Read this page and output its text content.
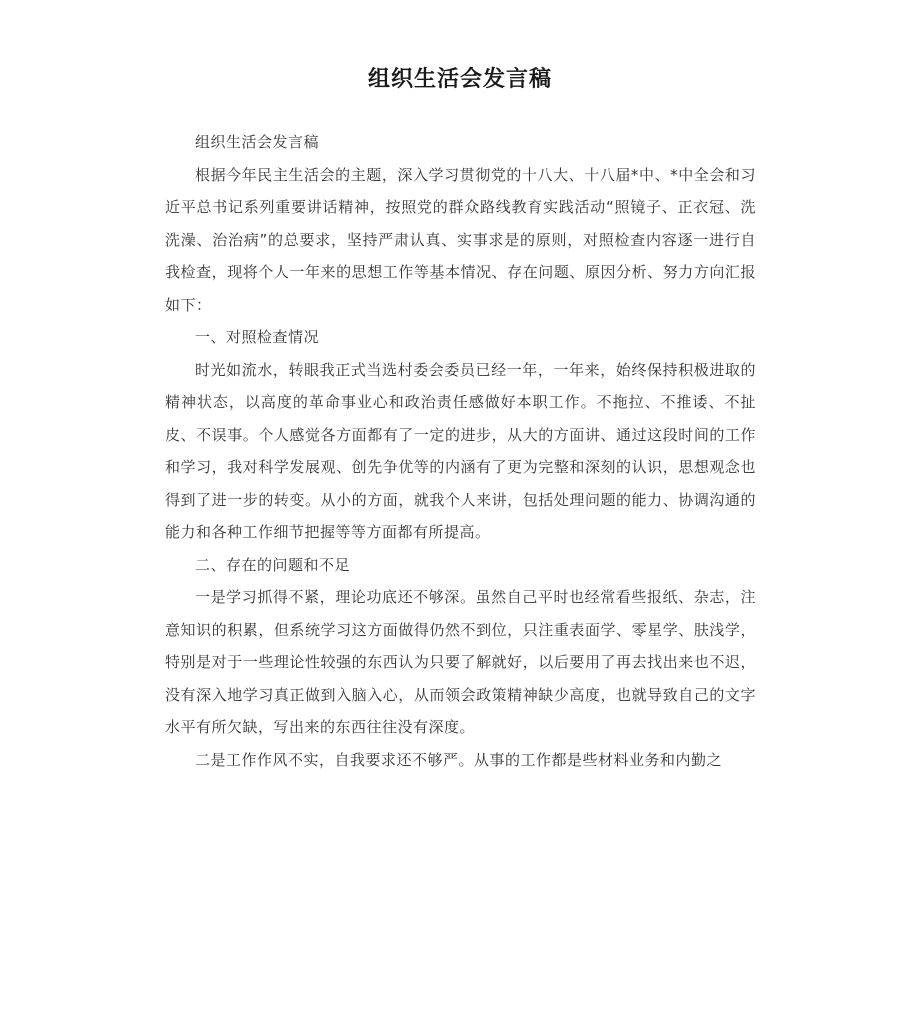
组织生活会发言稿

组织生活会发言稿

根据今年民主生活会的主题，深入学习贯彻党的十八大、十八届*中、*中全会和习近平总书记系列重要讲话精神，按照党的群众路线教育实践活动“照镜子、正衣冠、洗洗澡、治治病”的总要求，坚持严肃认真、实事求是的原则，对照检查内容逐一进行自我检查，现将个人一年来的思想工作等基本情况、存在问题、原因分析、努力方向汇报如下：

一、对照检查情况

时光如流水，转眼我正式当选村委会委员已经一年，一年来，始终保持积极进取的精神状态，以高度的革命事业心和政治责任感做好本职工作。不拖拉、不推诿、不扯皮、不误事。个人感觉各方面都有了一定的进步，从大的方面讲、通过这段时间的工作和学习，我对科学发展观、创先争优等的内涵有了更为完整和深刻的认识，思想观念也得到了进一步的转变。从小的方面，就我个人来讲，包括处理问题的能力、协调沟通的能力和各种工作细节把握等等方面都有所提高。

二、存在的问题和不足

一是学习抓得不紧，理论功底还不够深。虽然自己平时也经常看些报纸、杂志，注意知识的积累，但系统学习这方面做得仍然不到位，只注重表面学、零星学、肤浅学，特别是对于一些理论性较强的东西认为只要了解就好，以后要用了再去找出来也不迟，没有深入地学习真正做到入脑入心，从而领会政策精神缺少高度，也就导致自己的文字水平有所欠缺，写出来的东西往往没有深度。

二是工作作风不实，自我要求还不够严。从事的工作都是些材料业务和内勤之
